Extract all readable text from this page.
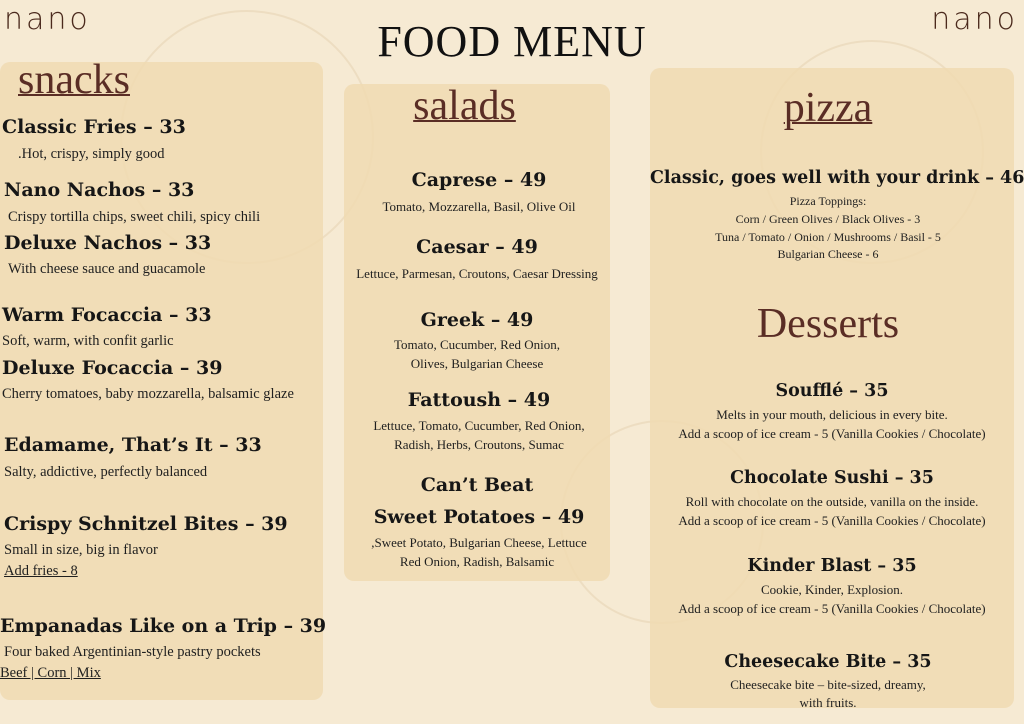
nano	nano
FOOD MENU
snacks
Classic Fries – 33
.Hot, crispy, simply good
Nano Nachos – 33
Crispy tortilla chips, sweet chili, spicy chili
Deluxe Nachos – 33
With cheese sauce and guacamole
Warm Focaccia – 33
Soft, warm, with confit garlic
Deluxe Focaccia – 39
Cherry tomatoes, baby mozzarella, balsamic glaze
Edamame, That’s It – 33
Salty, addictive, perfectly balanced
Crispy Schnitzel Bites – 39
Small in size, big in flavor
Add fries - 8
Empanadas Like on a Trip – 39
Four baked Argentinian-style pastry pockets
Beef | Corn | Mix
salads
Caprese – 49
Tomato, Mozzarella, Basil, Olive Oil
Caesar – 49
Lettuce, Parmesan, Croutons, Caesar Dressing
Greek – 49
Tomato, Cucumber, Red Onion,
Olives, Bulgarian Cheese
Fattoush – 49
Lettuce, Tomato, Cucumber, Red Onion,
Radish, Herbs, Croutons, Sumac
Can’t Beat
Sweet Potatoes – 49
,Sweet Potato, Bulgarian Cheese, Lettuce
Red Onion, Radish, Balsamic
pizza
Classic, goes well with your drink – 46
Pizza Toppings:
Corn / Green Olives / Black Olives - 3
Tuna / Tomato / Onion / Mushrooms / Basil - 5
Bulgarian Cheese - 6
Desserts
Soufflé – 35
Melts in your mouth, delicious in every bite.
Add a scoop of ice cream - 5 (Vanilla Cookies / Chocolate)
Chocolate Sushi – 35
Roll with chocolate on the outside, vanilla on the inside.
Add a scoop of ice cream - 5 (Vanilla Cookies / Chocolate)
Kinder Blast – 35
Cookie, Kinder, Explosion.
Add a scoop of ice cream - 5 (Vanilla Cookies / Chocolate)
Cheesecake Bite – 35
Cheesecake bite – bite-sized, dreamy,
with fruits.
